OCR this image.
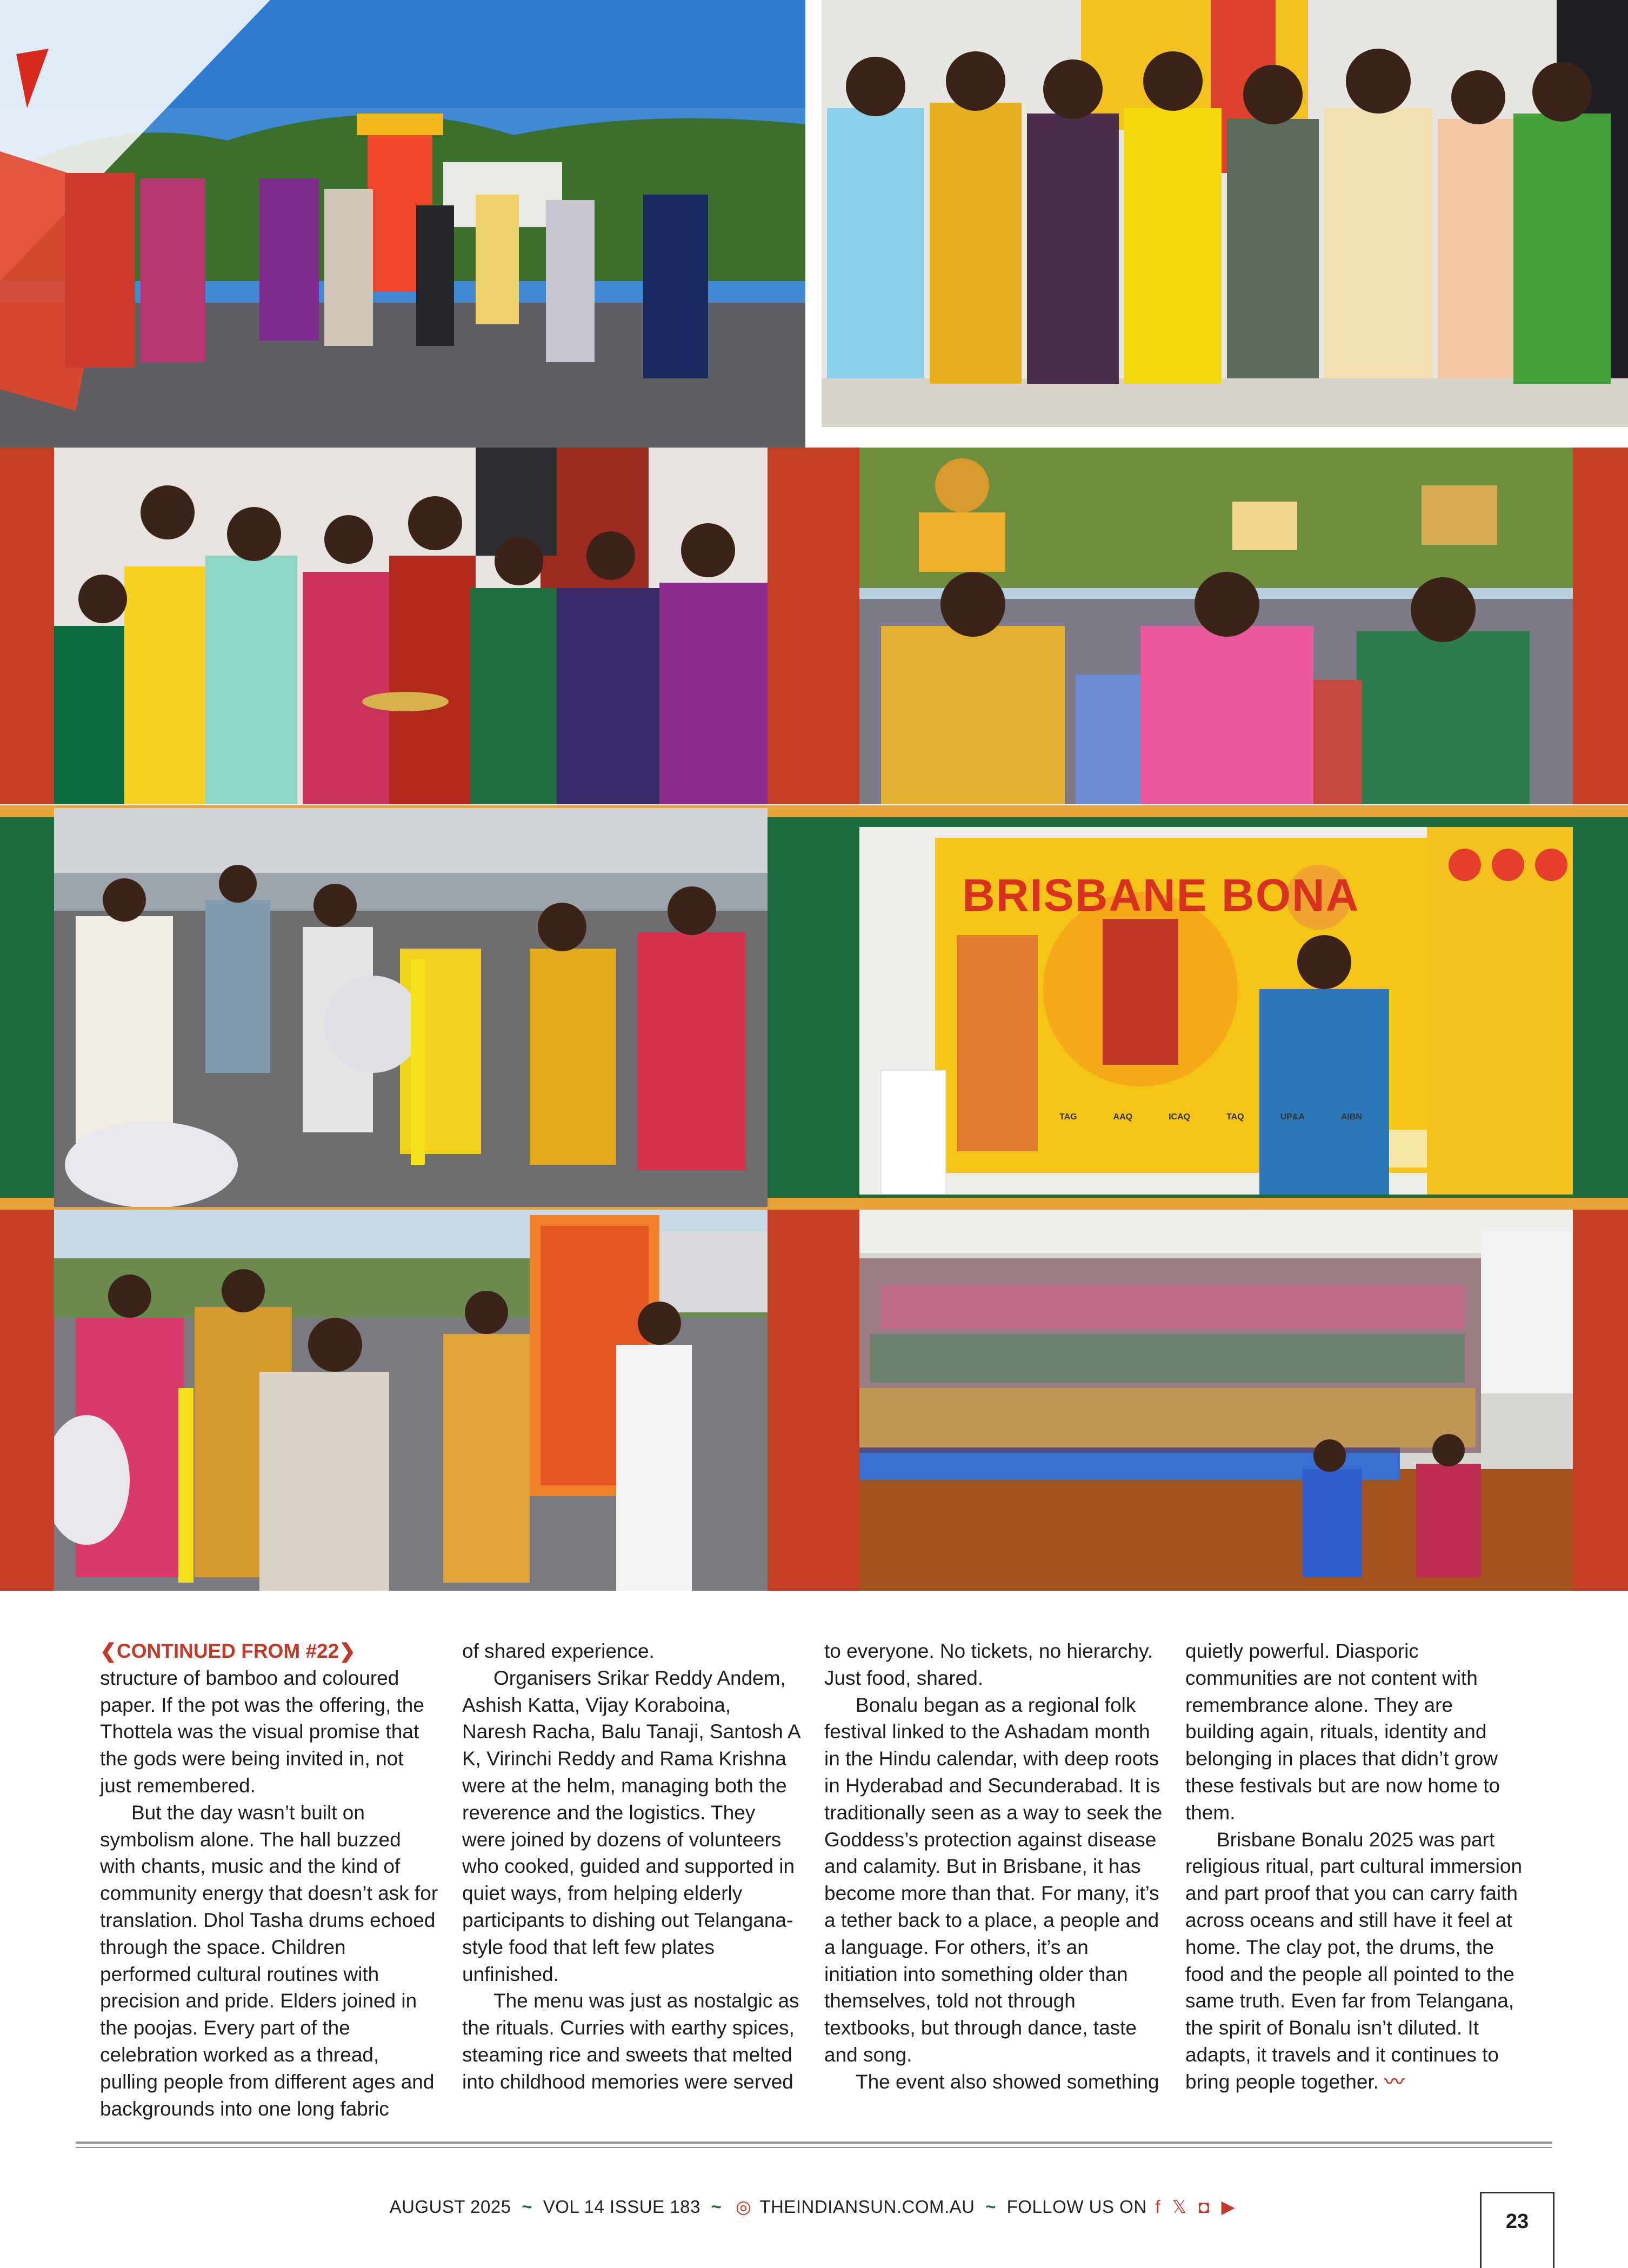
BRISBANE BONA
TAG	AAQ	ICAQ	TAQ	UP&A	AIBN

❮CONTINUED FROM #22❯ structure of bamboo and coloured paper. If the pot was the offering, the Thottela was the visual promise that the gods were being invited in, not just remembered.

But the day wasn’t built on symbolism alone. The hall buzzed with chants, music and the kind of community energy that doesn’t ask for translation. Dhol Tasha drums echoed through the space. Children performed cultural routines with precision and pride. Elders joined in the poojas. Every part of the celebration worked as a thread, pulling people from different ages and backgrounds into one long fabric

of shared experience.

Organisers Srikar Reddy Andem, Ashish Katta, Vijay Koraboina, Naresh Racha, Balu Tanaji, Santosh A K, Virinchi Reddy and Rama Krishna were at the helm, managing both the reverence and the logistics. They were joined by dozens of volunteers who cooked, guided and supported in quiet ways, from helping elderly participants to dishing out Telangana-style food that left few plates unfinished.

The menu was just as nostalgic as the rituals. Curries with earthy spices, steaming rice and sweets that melted into childhood memories were served

to everyone. No tickets, no hierarchy. Just food, shared.

Bonalu began as a regional folk festival linked to the Ashadam month in the Hindu calendar, with deep roots in Hyderabad and Secunderabad. It is traditionally seen as a way to seek the Goddess’s protection against disease and calamity. But in Brisbane, it has become more than that. For many, it’s a tether back to a place, a people and a language. For others, it’s an initiation into something older than themselves, told not through textbooks, but through dance, taste and song.

The event also showed something

quietly powerful. Diasporic communities are not content with remembrance alone. They are building again, rituals, identity and belonging in places that didn’t grow these festivals but are now home to them.

Brisbane Bonalu 2025 was part religious ritual, part cultural immersion and part proof that you can carry faith across oceans and still have it feel at home. The clay pot, the drums, the food and the people all pointed to the same truth. Even far from Telangana, the spirit of Bonalu isn’t diluted. It adapts, it travels and it continues to bring people together. 〰

AUGUST 2025 ~ VOL 14 ISSUE 183 ~ ◎ THEINDIANSUN.COM.AU ~ FOLLOW US ON f 𝕏 ◘ ▶
23
